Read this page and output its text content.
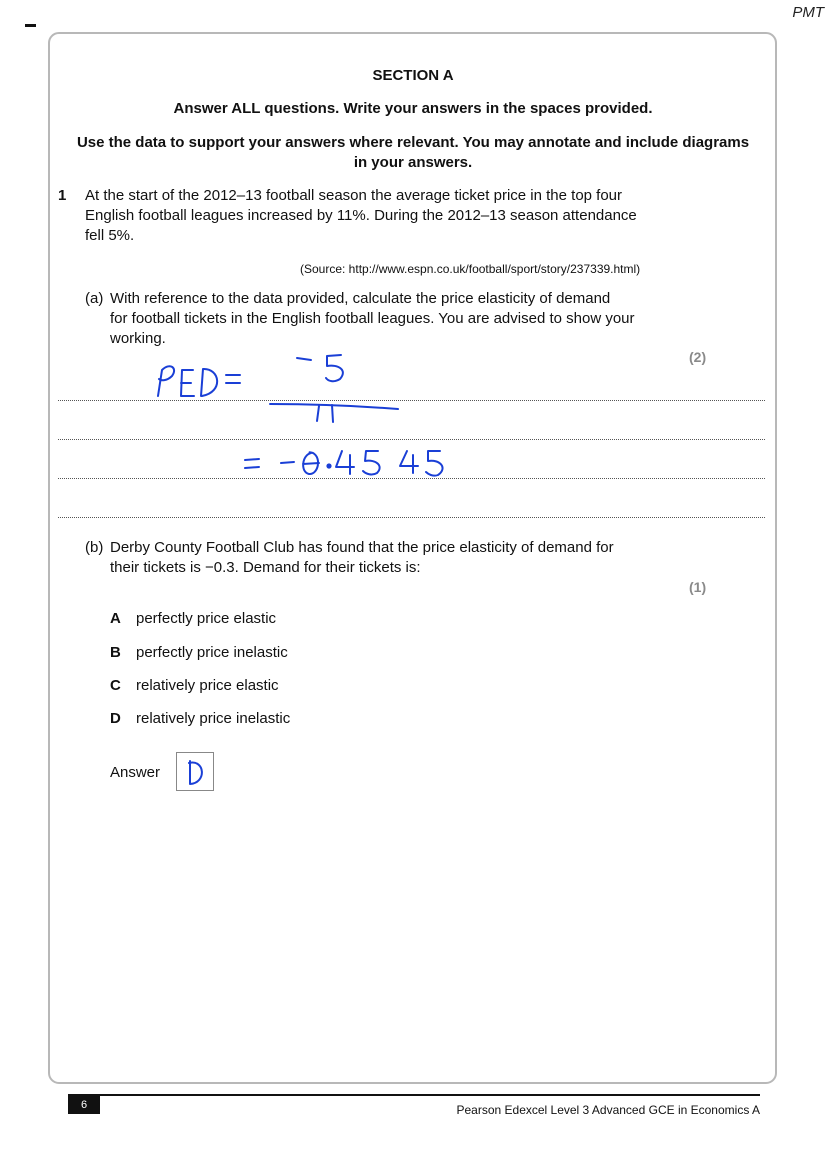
PMT
SECTION A
Answer ALL questions. Write your answers in the spaces provided.
Use the data to support your answers where relevant. You may annotate and include diagrams
in your answers.
1 At the start of the 2012–13 football season the average ticket price in the top four
English football leagues increased by 11%. During the 2012–13 season attendance
fell 5%.
(Source: http://www.espn.co.uk/football/sport/story/237339.html)
(a) With reference to the data provided, calculate the price elasticity of demand
for football tickets in the English football leagues. You are advised to show your
working.
(2)
(b) Derby County Football Club has found that the price elasticity of demand for
their tickets is −0.3. Demand for their tickets is:
(1)
A perfectly price elastic
B perfectly price inelastic
C relatively price elastic
D relatively price inelastic
Answer
6	Pearson Edexcel Level 3 Advanced GCE in Economics A
